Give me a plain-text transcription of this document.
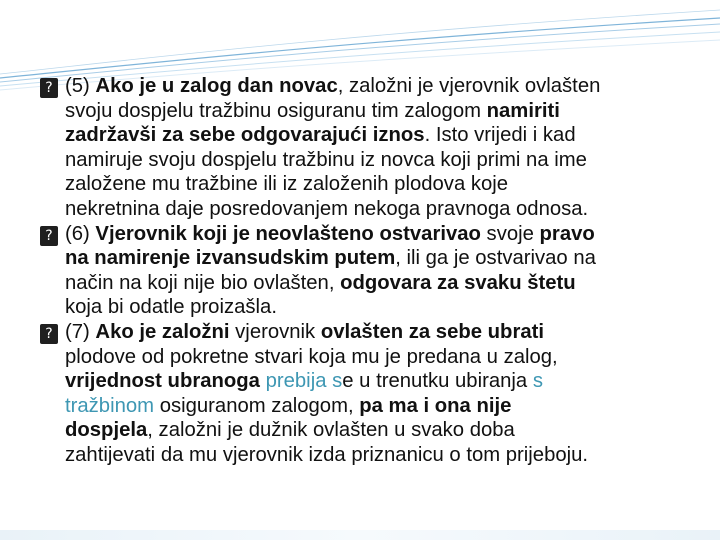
? (5) Ako je u zalog dan novac, založni je vjerovnik ovlašten
svoju dospjelu tražbinu osiguranu tim zalogom namiriti
zadržavši za sebe odgovarajući iznos. Isto vrijedi i kad
namiruje svoju dospjelu tražbinu iz novca koji primi na ime
založene mu tražbine ili iz založenih plodova koje
nekretnina daje posredovanjem nekoga pravnoga odnosa.
? (6) Vjerovnik koji je neovlašteno ostvarivao svoje pravo
na namirenje izvansudskim putem, ili ga je ostvarivao na
način na koji nije bio ovlašten, odgovara za svaku štetu
koja bi odatle proizašla.
? (7) Ako je založni vjerovnik ovlašten za sebe ubrati
plodove od pokretne stvari koja mu je predana u zalog,
vrijednost ubranoga prebija se u trenutku ubiranja s
tražbinom osiguranom zalogom, pa ma i ona nije
dospjela, založni je dužnik ovlašten u svako doba
zahtijevati da mu vjerovnik izda priznanicu o tom prijeboju.
